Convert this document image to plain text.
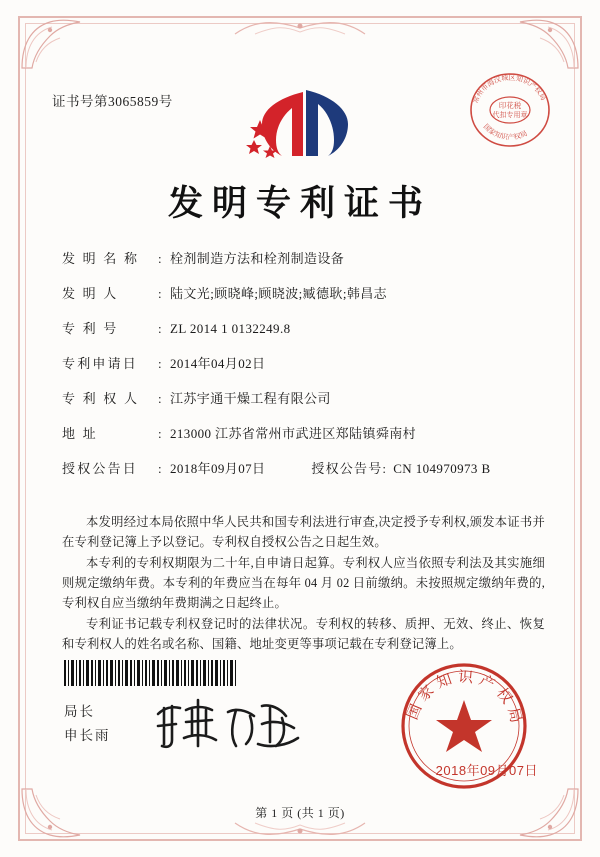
证书号第3065859号	印花税
代扣专用章
常州市海汉城区知识产权局
国家知识产权局
发明专利证书
发 明 名 称	: 栓剂制造方法和栓剂制造设备
发 明 人	: 陆文光;顾晓峰;顾晓波;臧德耿;韩昌志
专 利 号	: ZL 2014 1 0132249.8
专利申请日	: 2014年04月02日
专 利 权 人	: 江苏宇通干燥工程有限公司
地 址	: 213000 江苏省常州市武进区郑陆镇舜南村
授权公告日	: 2018年09月07日	授权公告号: CN 104970973 B

本发明经过本局依照中华人民共和国专利法进行审查,决定授予专利权,颁发本证书并在专利登记簿上予以登记。专利权自授权公告之日起生效。

本专利的专利权期限为二十年,自申请日起算。专利权人应当依照专利法及其实施细则规定缴纳年费。本专利的年费应当在每年 04 月 02 日前缴纳。未按照规定缴纳年费的,专利权自应当缴纳年费期满之日起终止。

专利证书记载专利权登记时的法律状况。专利权的转移、质押、无效、终止、恢复和专利权人的姓名或名称、国籍、地址变更等事项记载在专利登记簿上。

局长
申长雨
国家知识产权局
2018年09月07日
第 1 页 (共 1 页)
